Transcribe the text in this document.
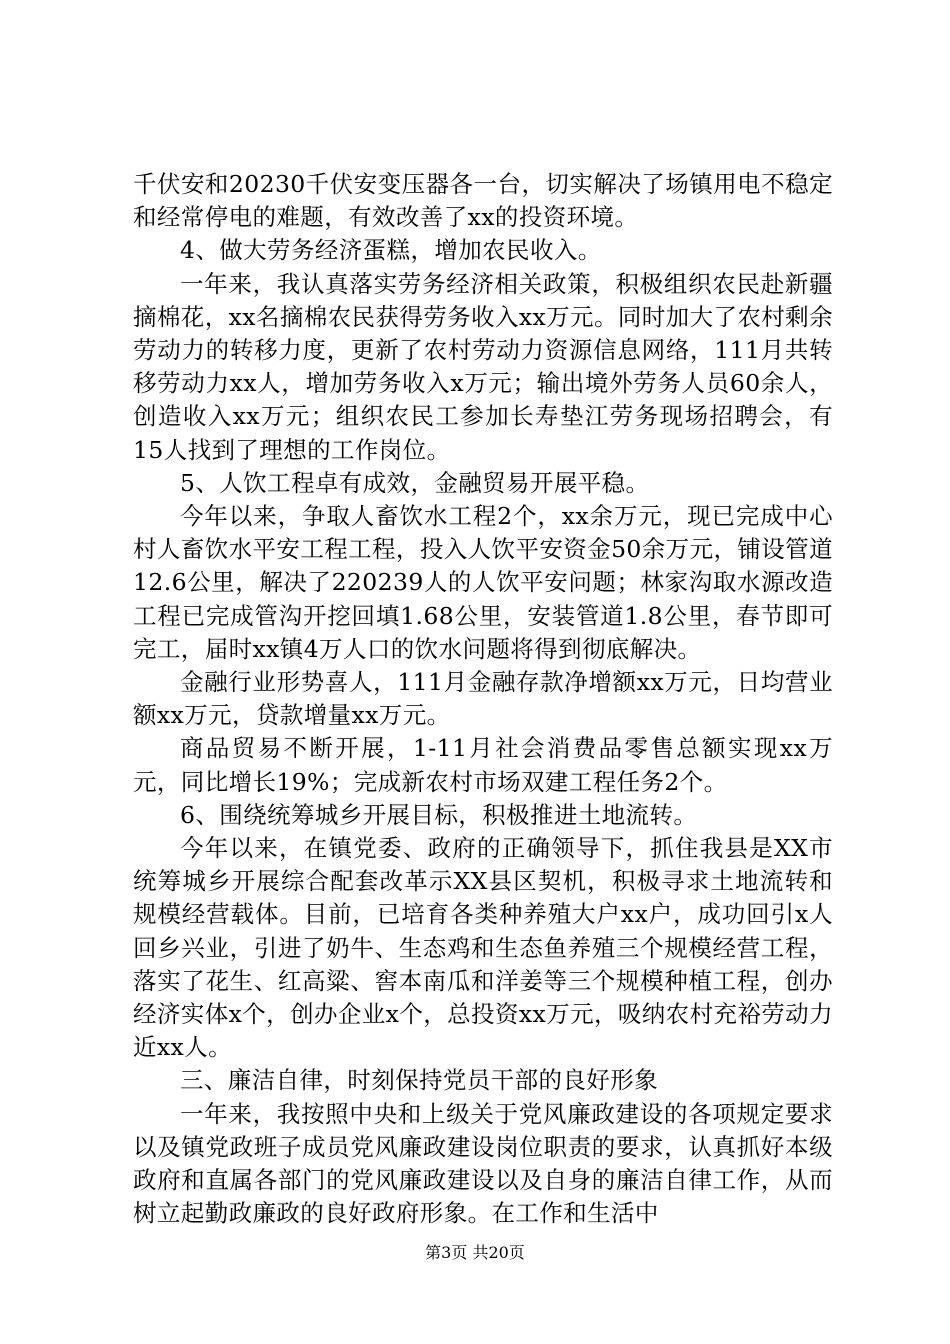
千伏安和20230千伏安变压器各一台，切实解决了场镇用电不稳定和经常停电的难题，有效改善了xx的投资环境。

4、做大劳务经济蛋糕，增加农民收入。

一年来，我认真落实劳务经济相关政策，积极组织农民赴新疆摘棉花，xx名摘棉农民获得劳务收入xx万元。同时加大了农村剩余劳动力的转移力度，更新了农村劳动力资源信息网络，111月共转移劳动力xx人，增加劳务收入x万元；输出境外劳务人员60余人，创造收入xx万元；组织农民工参加长寿垫江劳务现场招聘会，有15人找到了理想的工作岗位。

5、人饮工程卓有成效，金融贸易开展平稳。

今年以来，争取人畜饮水工程2个，xx余万元，现已完成中心村人畜饮水平安工程工程，投入人饮平安资金50余万元，铺设管道12.6公里，解决了220239人的人饮平安问题；林家沟取水源改造工程已完成管沟开挖回填1.68公里，安装管道1.8公里，春节即可完工，届时xx镇4万人口的饮水问题将得到彻底解决。

金融行业形势喜人，111月金融存款净增额xx万元，日均营业额xx万元，贷款增量xx万元。

商品贸易不断开展，1-11月社会消费品零售总额实现xx万元，同比增长19%；完成新农村市场双建工程任务2个。

6、围绕统筹城乡开展目标，积极推进土地流转。

今年以来，在镇党委、政府的正确领导下，抓住我县是XX市统筹城乡开展综合配套改革示XX县区契机，积极寻求土地流转和规模经营载体。目前，已培育各类种养殖大户xx户，成功回引x人回乡兴业，引进了奶牛、生态鸡和生态鱼养殖三个规模经营工程，落实了花生、红高粱、窖本南瓜和洋姜等三个规模种植工程，创办经济实体x个，创办企业x个，总投资xx万元，吸纳农村充裕劳动力近xx人。

三、廉洁自律，时刻保持党员干部的良好形象

一年来，我按照中央和上级关于党风廉政建设的各项规定要求以及镇党政班子成员党风廉政建设岗位职责的要求，认真抓好本级政府和直属各部门的党风廉政建设以及自身的廉洁自律工作，从而树立起勤政廉政的良好政府形象。在工作和生活中

第3页 共20页
